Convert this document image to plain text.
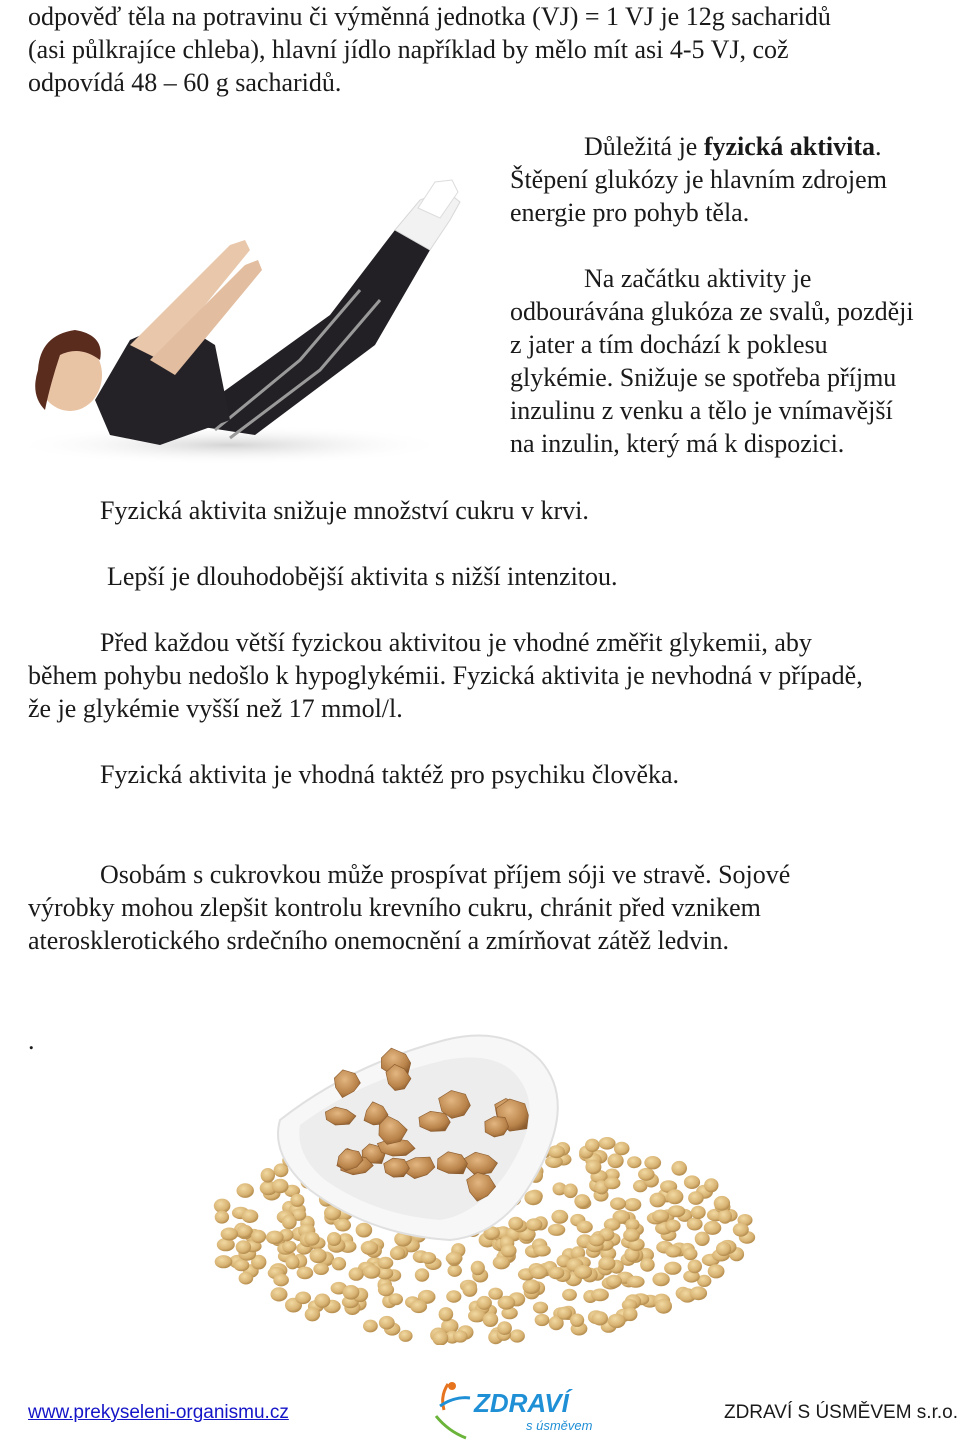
odpověď těla na potravinu či výměnná jednotka (VJ) = 1 VJ je 12g sacharidů
(asi půlkrajíce chleba), hlavní jídlo například by mělo mít asi 4-5 VJ, což
odpovídá 48 – 60 g sacharidů.

Důležitá je fyzická aktivita.

Štěpení glukózy je hlavním zdrojem
energie pro pohyb těla.

Na začátku aktivity je

odbourávána glukóza ze svalů, později
z jater a tím dochází k poklesu
glykémie. Snižuje se spotřeba příjmu
inzulinu z venku a tělo je vnímavější
na inzulin, který má k dispozici.

Fyzická aktivita snižuje množství cukru v krvi.

Lepší je dlouhodobější aktivita s nižší intenzitou.

Před každou větší fyzickou aktivitou je vhodné změřit glykemii, aby
během pohybu nedošlo k hypoglykémii. Fyzická aktivita je nevhodná v případě,
že je glykémie vyšší než 17 mmol/l.

Fyzická aktivita je vhodná taktéž pro psychiku člověka.

Osobám s cukrovkou může prospívat příjem sóji ve stravě. Sojové
výrobky mohou zlepšit kontrolu krevního cukru, chránit před vznikem
aterosklerotického srdečního onemocnění a zmírňovat zátěž ledvin.

.

www.prekyseleni-organismu.cz	ZDRAVÍ
s úsměvem
ZDRAVÍ S ÚSMĚVEM s.r.o.
